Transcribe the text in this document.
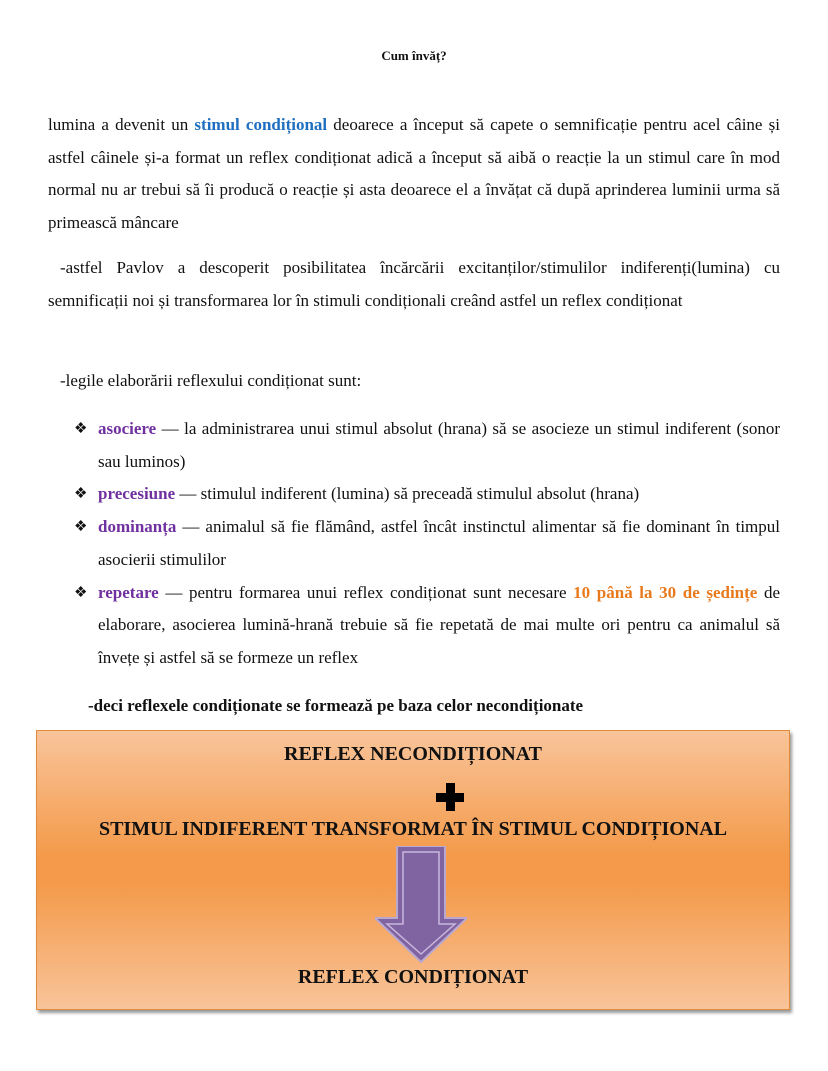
Cum învăț?
lumina a devenit un stimul condițional deoarece a început să capete o semnificație pentru acel câine și astfel câinele și-a format un reflex condiționat adică a început să aibă o reacție la un stimul care în mod normal nu ar trebui să îi producă o reacție și asta deoarece el a învățat că după aprinderea luminii urma să primească mâncare
-astfel Pavlov a descoperit posibilitatea încărcării excitanților/stimulilor indiferenți(lumina) cu semnificații noi și transformarea lor în stimuli condiționali creând astfel un reflex condiționat
-legile elaborării reflexului condiționat sunt:
❖ asociere — la administrarea unui stimul absolut (hrana) să se asocieze un stimul indiferent (sonor sau luminos)
❖ precesiune — stimulul indiferent (lumina) să preceadă stimulul absolut (hrana)
❖ dominanța — animalul să fie flămând, astfel încât instinctul alimentar să fie dominant în timpul asocierii stimulilor
❖ repetare — pentru formarea unui reflex condiționat sunt necesare 10 până la 30 de ședințe de elaborare, asocierea lumină-hrană trebuie să fie repetată de mai multe ori pentru ca animalul să învețe și astfel să se formeze un reflex
-deci reflexele condiționate se formează pe baza celor necondiționate
REFLEX NECONDIȚIONAT
STIMUL INDIFERENT TRANSFORMAT ÎN STIMUL CONDIȚIONAL
REFLEX CONDIȚIONAT
